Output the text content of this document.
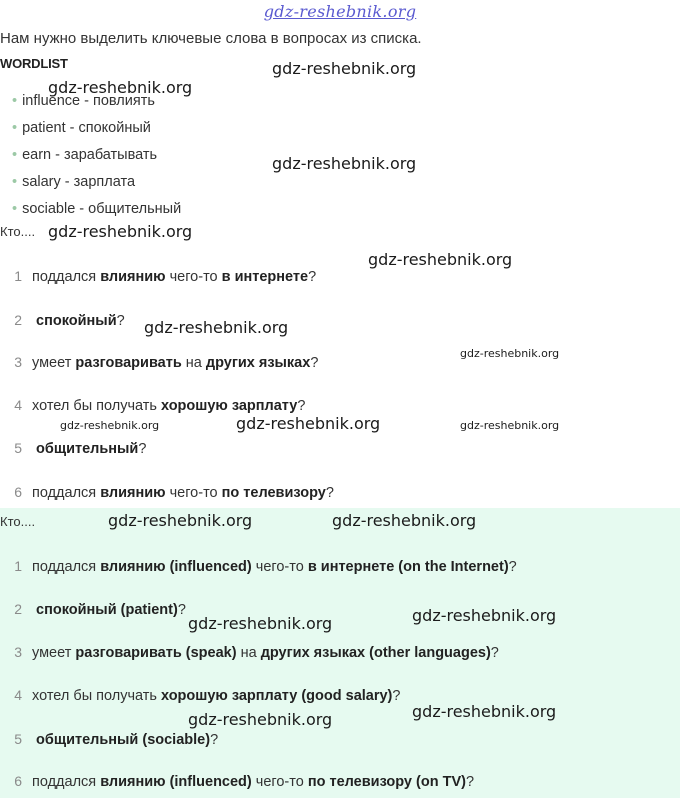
gdz-reshebnik.org
Нам нужно выделить ключевые слова в вопросах из списка.
WORDLIST
• influence - повлиять
• patient - спокойный
• earn - зарабатывать
• salary - зарплата
• sociable - общительный
Кто....
1 поддался влиянию чего-то в интернете?
2 спокойный?
3 умеет разговаривать на других языках?
4 хотел бы получать хорошую зарплату?
5 общительный?
6 поддался влиянию чего-то по телевизору?
Кто....
1 поддался влиянию (influenced) чего-то в интернете (on the Internet)?
2 спокойный (patient)?
3 умеет разговаривать (speak) на других языках (other languages)?
4 хотел бы получать хорошую зарплату (good salary)?
5 общительный (sociable)?
6 поддался влиянию (influenced) чего-то по телевизору (on TV)?
gdz-reshebnik.org
gdz-reshebnik.org
gdz-reshebnik.org
gdz-reshebnik.org
gdz-reshebnik.org
gdz-reshebnik.org
gdz-reshebnik.org
gdz-reshebnik.org	gdz-reshebnik.org	gdz-reshebnik.org
gdz-reshebnik.org	gdz-reshebnik.org
gdz-reshebnik.org
gdz-reshebnik.org
gdz-reshebnik.org
gdz-reshebnik.org
